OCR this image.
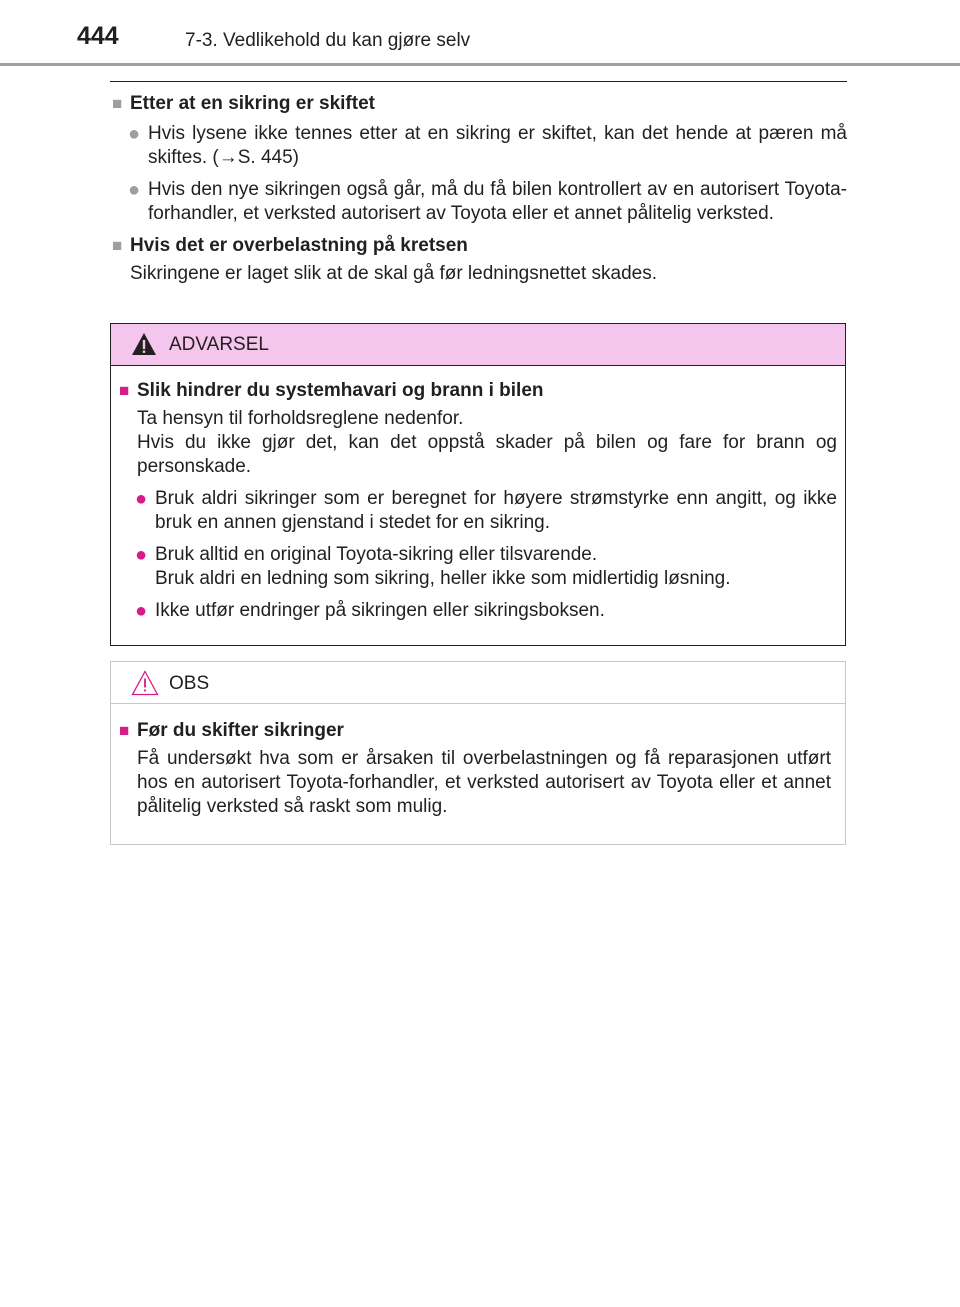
444	7-3. Vedlikehold du kan gjøre selv
■ Etter at en sikring er skiftet
● Hvis lysene ikke tennes etter at en sikring er skiftet, kan det hende at pæren må skiftes. (→S. 445)
● Hvis den nye sikringen også går, må du få bilen kontrollert av en autorisert Toyota-forhandler, et verksted autorisert av Toyota eller et annet pålitelig verksted.
■ Hvis det er overbelastning på kretsen
Sikringene er laget slik at de skal gå før ledningsnettet skades.
ADVARSEL
■ Slik hindrer du systemhavari og brann i bilen
Ta hensyn til forholdsreglene nedenfor.
Hvis du ikke gjør det, kan det oppstå skader på bilen og fare for brann og personskade.
● Bruk aldri sikringer som er beregnet for høyere strømstyrke enn angitt, og ikke bruk en annen gjenstand i stedet for en sikring.
● Bruk alltid en original Toyota-sikring eller tilsvarende.
Bruk aldri en ledning som sikring, heller ikke som midlertidig løsning.
● Ikke utfør endringer på sikringen eller sikringsboksen.
OBS
■ Før du skifter sikringer
Få undersøkt hva som er årsaken til overbelastningen og få reparasjonen utført hos en autorisert Toyota-forhandler, et verksted autorisert av Toyota eller et annet pålitelig verksted så raskt som mulig.
